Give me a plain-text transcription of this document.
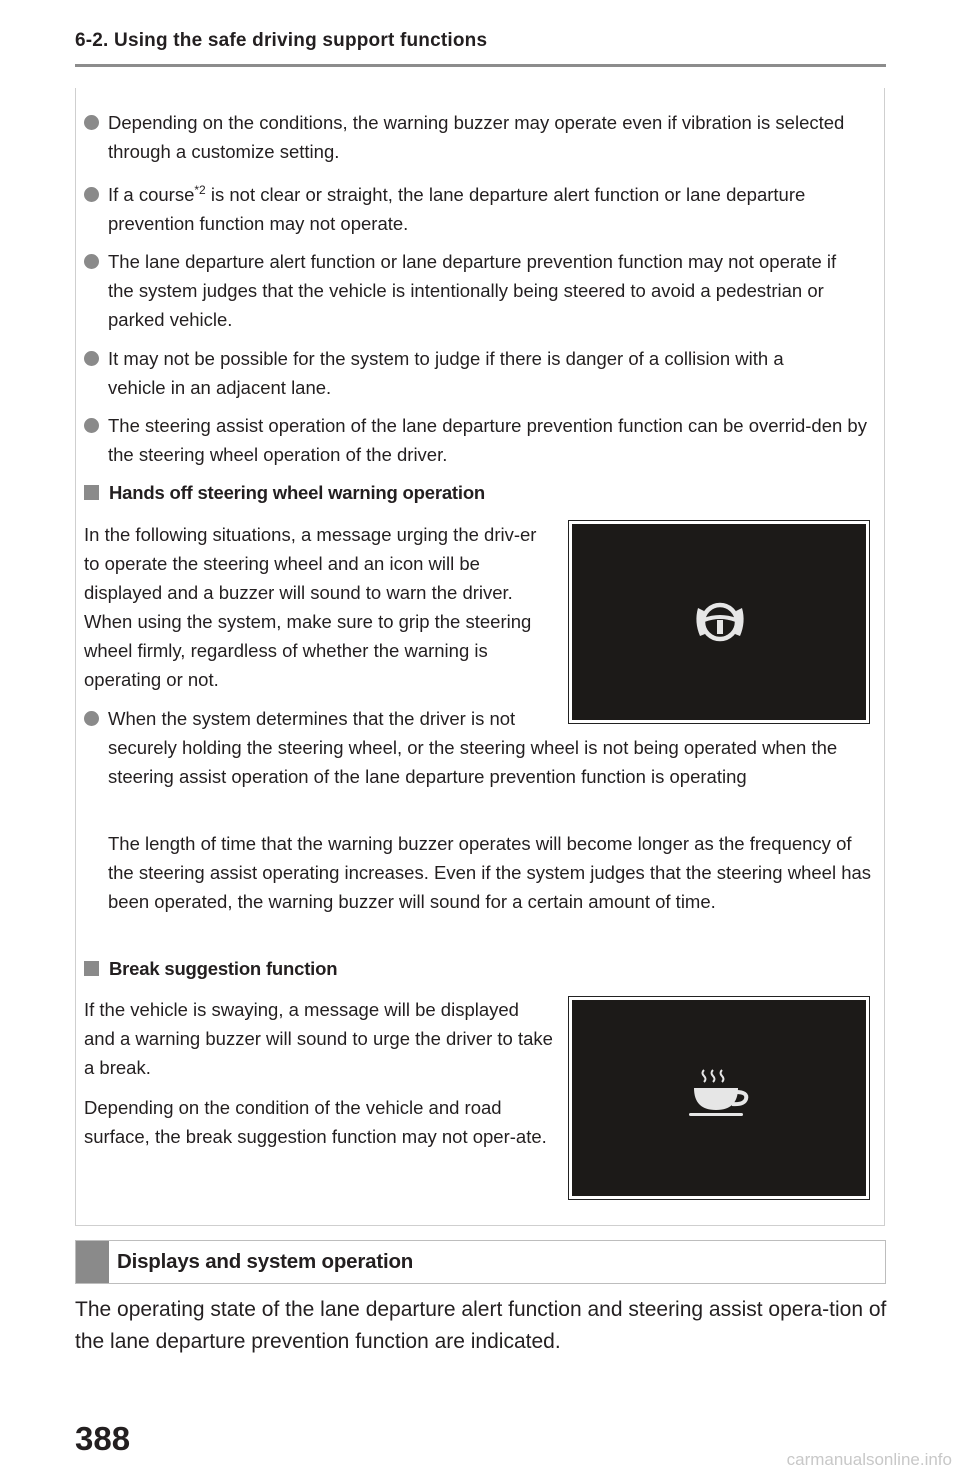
6-2. Using the safe driving support functions
Depending on the conditions, the warning buzzer may operate even if vibration is selected through a customize setting.
If a course$^{*2}$ is not clear or straight, the lane departure alert function or lane departure prevention function may not operate.
The lane departure alert function or lane departure prevention function may not operate if the system judges that the vehicle is intentionally being steered to avoid a pedestrian or parked vehicle.
It may not be possible for the system to judge if there is danger of a collision with a vehicle in an adjacent lane.
The steering assist operation of the lane departure prevention function can be overrid-den by the steering wheel operation of the driver.
Hands off steering wheel warning operation
In the following situations, a message urging the driv-er to operate the steering wheel and an icon will be displayed and a buzzer will sound to warn the driver. When using the system, make sure to grip the steering wheel firmly, regardless of whether the warning is operating or not.
When the system determines that the driver is not securely holding the steering wheel, or the steering wheel is not being operated when the steering assist operation of the lane departure prevention function is operating
The length of time that the warning buzzer operates will become longer as the frequency of the steering assist operating increases. Even if the system judges that the steering wheel has been operated, the warning buzzer will sound for a certain amount of time.
Break suggestion function
If the vehicle is swaying, a message will be displayed and a warning buzzer will sound to urge the driver to take a break.
Depending on the condition of the vehicle and road surface, the break suggestion function may not oper-ate.
Displays and system operation
The operating state of the lane departure alert function and steering assist opera-tion of the lane departure prevention function are indicated.
388
carmanualsonline.info
